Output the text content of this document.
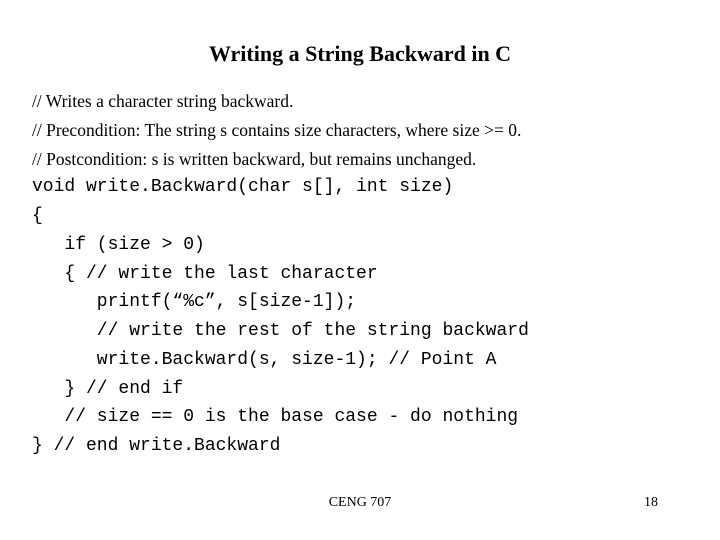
Writing a String Backward in C
// Writes a character string backward.
// Precondition: The string s contains size characters, where size >= 0.
// Postcondition: s is written backward, but remains unchanged.
void write.Backward(char s[], int size)
{
if (size > 0)
{ // write the last character
printf(“%c”, s[size-1]);
// write the rest of the string backward
write.Backward(s, size-1); // Point A
} // end if
// size == 0 is the base case - do nothing
} // end write.Backward
CENG 707	18
